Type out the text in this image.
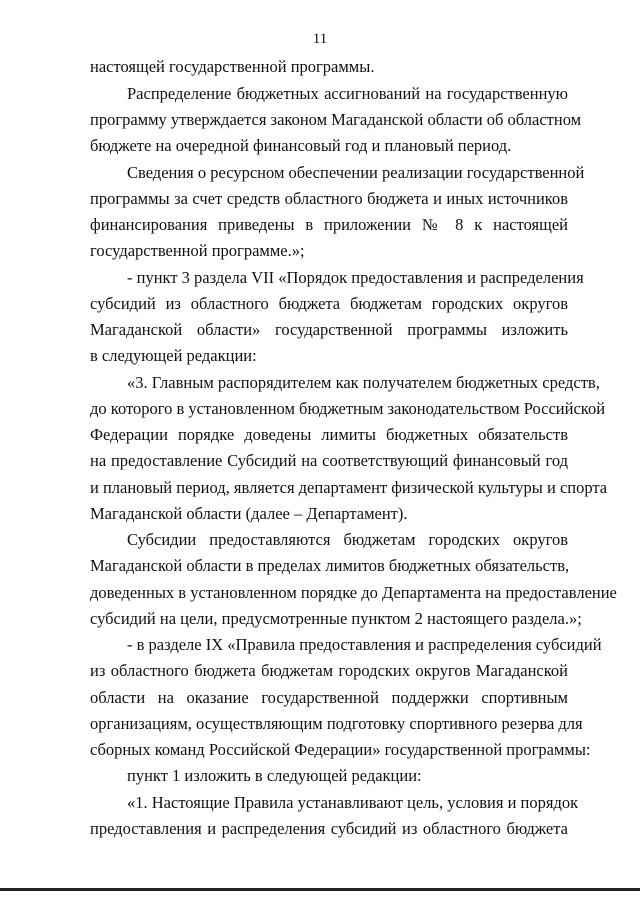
11
настоящей государственной программы.
Распределение бюджетных ассигнований на государственную
программу утверждается законом Магаданской области об областном
бюджете на очередной финансовый год и плановый период.
Сведения о ресурсном обеспечении реализации государственной
программы за счет средств областного бюджета и иных источников
финансирования приведены в приложении № 8 к настоящей
государственной программе.»;
- пункт 3 раздела VII «Порядок предоставления и распределения
субсидий из областного бюджета бюджетам городских округов
Магаданской области» государственной программы изложить
в следующей редакции:
«3. Главным распорядителем как получателем бюджетных средств,
до которого в установленном бюджетным законодательством Российской
Федерации порядке доведены лимиты бюджетных обязательств
на предоставление Субсидий на соответствующий финансовый год
и плановый период, является департамент физической культуры и спорта
Магаданской области (далее – Департамент).
Субсидии предоставляются бюджетам городских округов
Магаданской области в пределах лимитов бюджетных обязательств,
доведенных в установленном порядке до Департамента на предоставление
субсидий на цели, предусмотренные пунктом 2 настоящего раздела.»;
- в разделе IX «Правила предоставления и распределения субсидий
из областного бюджета бюджетам городских округов Магаданской
области на оказание государственной поддержки спортивным
организациям, осуществляющим подготовку спортивного резерва для
сборных команд Российской Федерации» государственной программы:
пункт 1 изложить в следующей редакции:
«1. Настоящие Правила устанавливают цель, условия и порядок
предоставления и распределения субсидий из областного бюджета
